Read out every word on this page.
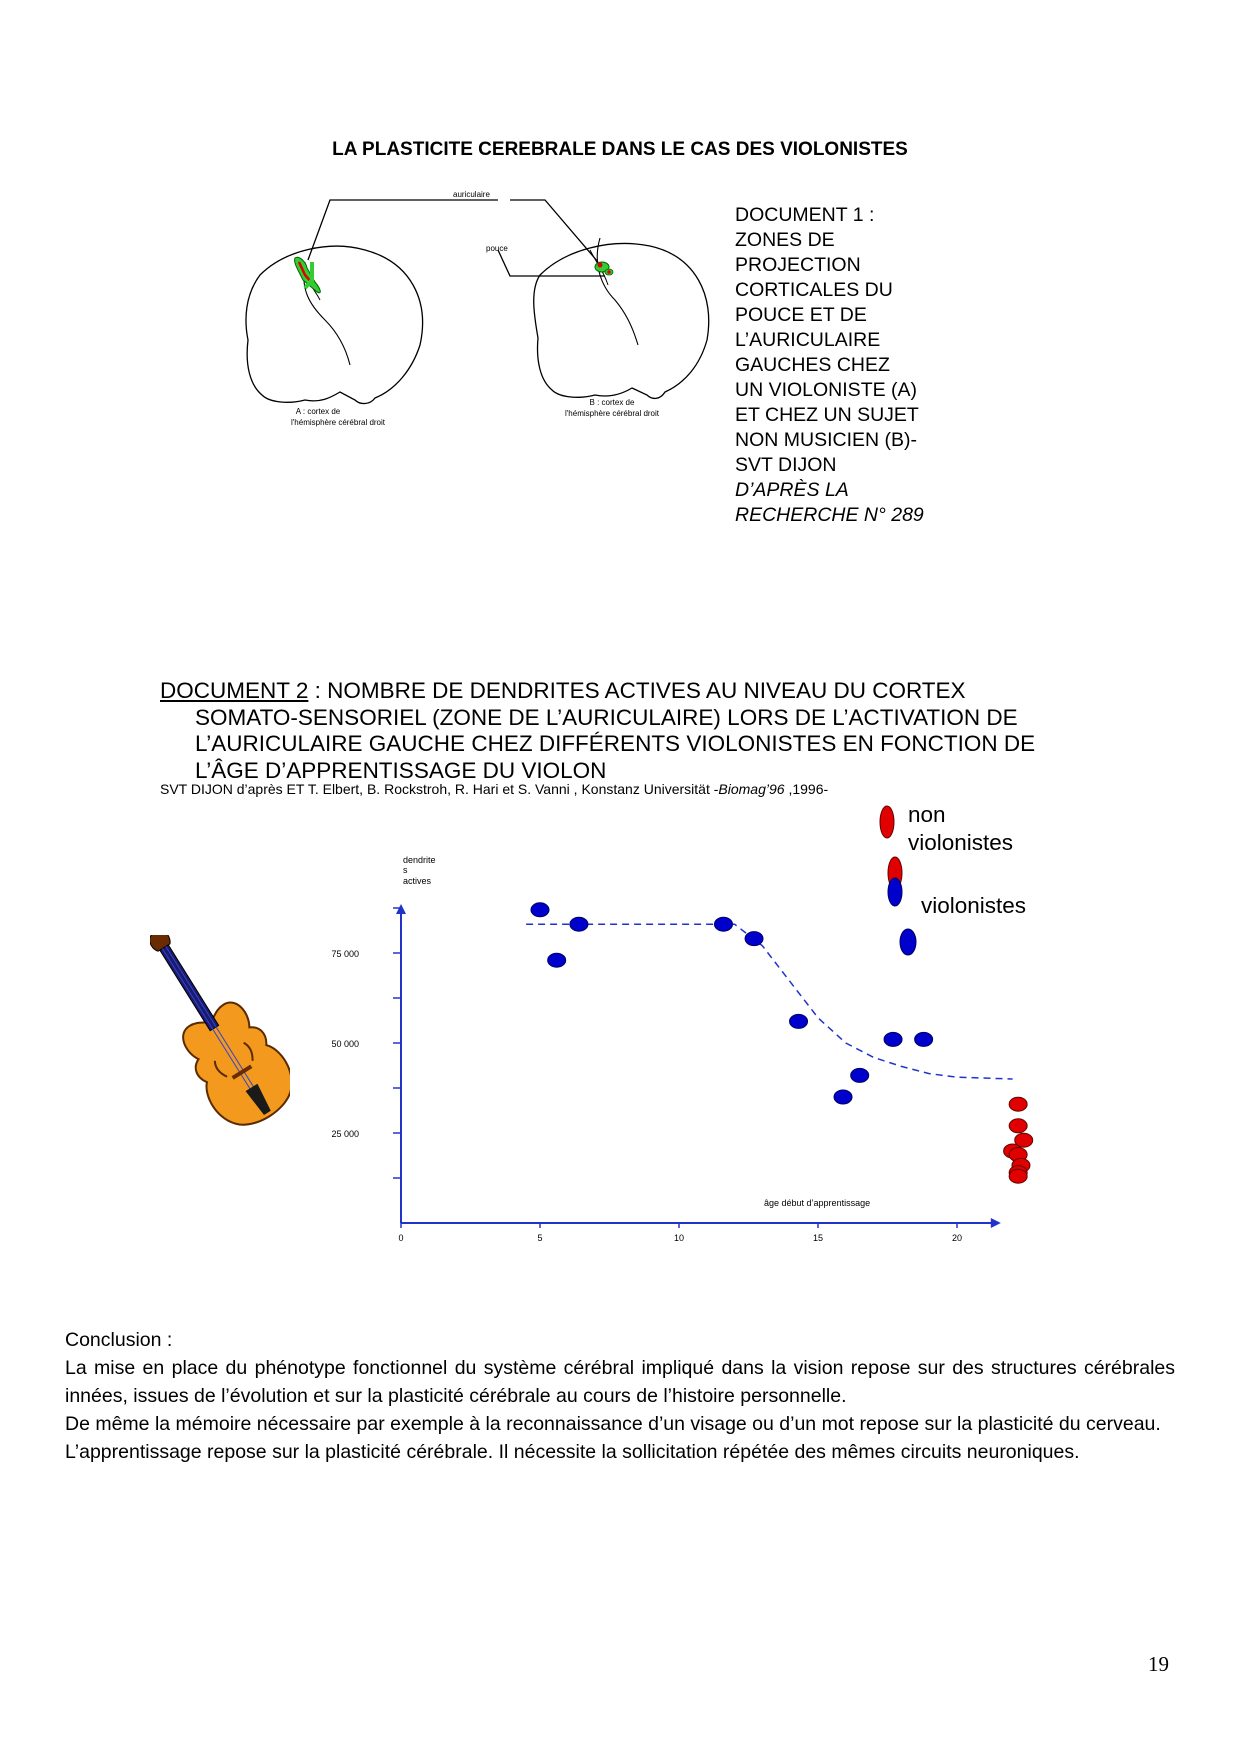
LA PLASTICITE CEREBRALE DANS LE CAS DES VIOLONISTES
auriculaire
pouce
A : cortex de
l'hémisphère cérébral droit
B : cortex de
l'hémisphère cérébral droit
DOCUMENT 1 :
ZONES DE
PROJECTION
CORTICALES DU
POUCE ET DE
L’AURICULAIRE
GAUCHES CHEZ
UN VIOLONISTE (A)
ET CHEZ UN SUJET
NON MUSICIEN (B)-
SVT DIJON
D’APRÈS LA
RECHERCHE N° 289
DOCUMENT 2 : NOMBRE DE DENDRITES ACTIVES AU NIVEAU DU CORTEX
SOMATO-SENSORIEL (ZONE DE L’AURICULAIRE) LORS DE L’ACTIVATION DE
L’AURICULAIRE GAUCHE CHEZ DIFFÉRENTS VIOLONISTES EN FONCTION DE
L’ÂGE D’APPRENTISSAGE DU VIOLON
SVT DIJON d’après ET T. Elbert, B. Rockstroh, R. Hari et S. Vanni , Konstanz Universität -Biomag’96 ,1996-
25 000
50 000
75 000
0	5	10	15	20
dendrite
s
actives
âge début d’apprentissage
non
violonistes
violonistes

Conclusion :

La mise en place du phénotype fonctionnel du système cérébral impliqué dans la vision repose sur des structures cérébrales innées, issues de l’évolution et sur la plasticité cérébrale au cours de l’histoire personnelle.

De même la mémoire nécessaire par exemple à la reconnaissance d’un visage ou d’un mot repose sur la plasticité du cerveau.

L’apprentissage repose sur la plasticité cérébrale. Il nécessite la sollicitation répétée des mêmes circuits neuroniques.

19
